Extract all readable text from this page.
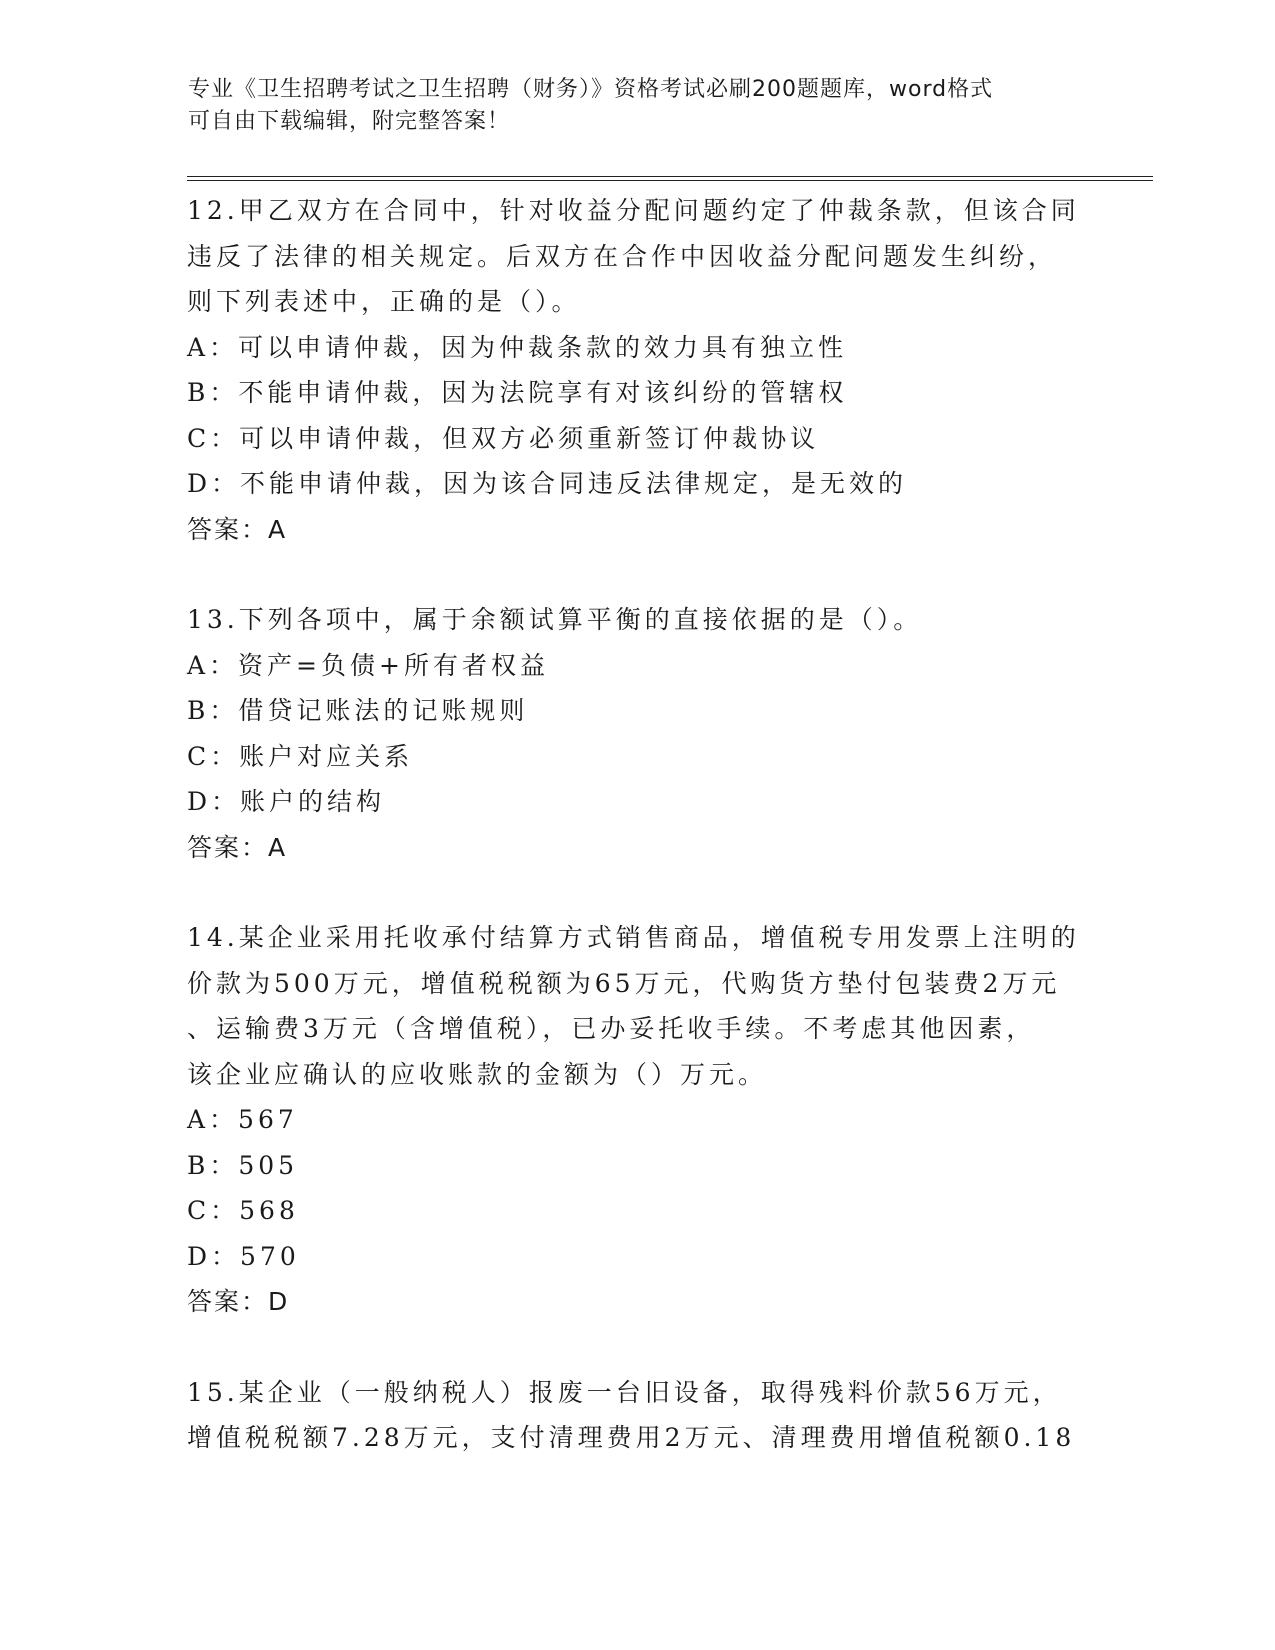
专业《卫生招聘考试之卫生招聘（财务）》资格考试必刷200题题库，word格式
可自由下载编辑，附完整答案！
12.甲乙双方在合同中，针对收益分配问题约定了仲裁条款，但该合同
违反了法律的相关规定。后双方在合作中因收益分配问题发生纠纷，
则下列表述中，正确的是（）。
A：可以申请仲裁，因为仲裁条款的效力具有独立性
B：不能申请仲裁，因为法院享有对该纠纷的管辖权
C：可以申请仲裁，但双方必须重新签订仲裁协议
D：不能申请仲裁，因为该合同违反法律规定，是无效的
答案：A
13.下列各项中，属于余额试算平衡的直接依据的是（）。
A：资产=负债+所有者权益
B：借贷记账法的记账规则
C：账户对应关系
D：账户的结构
答案：A
14.某企业采用托收承付结算方式销售商品，增值税专用发票上注明的
价款为500万元，增值税税额为65万元，代购货方垫付包装费2万元
、运输费3万元（含增值税），已办妥托收手续。不考虑其他因素，
该企业应确认的应收账款的金额为（）万元。
A：567
B：505
C：568
D：570
答案：D
15.某企业（一般纳税人）报废一台旧设备，取得残料价款56万元，
增值税税额7.28万元，支付清理费用2万元、清理费用增值税额0.18
